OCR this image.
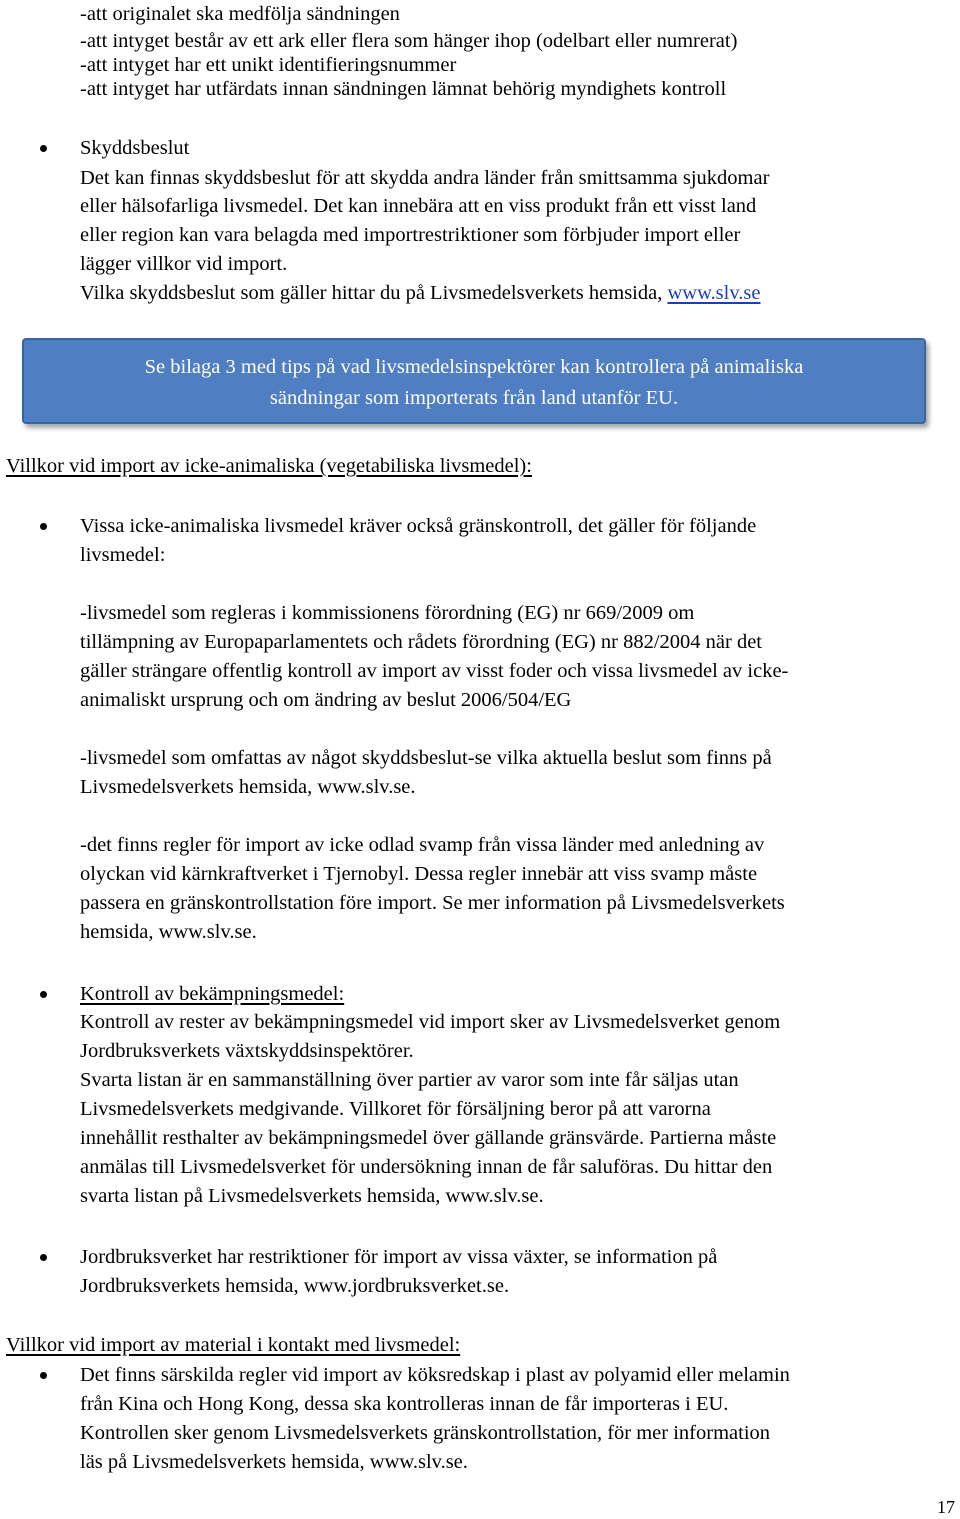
-att originalet ska medfölja sändningen
-att intyget består av ett ark eller flera som hänger ihop (odelbart eller numrerat)
-att intyget har ett unikt identifieringsnummer
-att intyget har utfärdats innan sändningen lämnat behörig myndighets kontroll
Skyddsbeslut
Det kan finnas skyddsbeslut för att skydda andra länder från smittsamma sjukdomar
eller hälsofarliga livsmedel. Det kan innebära att en viss produkt från ett visst land
eller region kan vara belagda med importrestriktioner som förbjuder import eller
lägger villkor vid import.
Vilka skyddsbeslut som gäller hittar du på Livsmedelsverkets hemsida, www.slv.se
Se bilaga 3 med tips på vad livsmedelsinspektörer kan kontrollera på animaliska
sändningar som importerats från land utanför EU.
Villkor vid import av icke-animaliska (vegetabiliska livsmedel):
Vissa icke-animaliska livsmedel kräver också gränskontroll, det gäller för följande
livsmedel:
-livsmedel som regleras i kommissionens förordning (EG) nr 669/2009 om
tillämpning av Europaparlamentets och rådets förordning (EG) nr 882/2004 när det
gäller strängare offentlig kontroll av import av visst foder och vissa livsmedel av icke-
animaliskt ursprung och om ändring av beslut 2006/504/EG
-livsmedel som omfattas av något skyddsbeslut-se vilka aktuella beslut som finns på
Livsmedelsverkets hemsida, www.slv.se.
-det finns regler för import av icke odlad svamp från vissa länder med anledning av
olyckan vid kärnkraftverket i Tjernobyl. Dessa regler innebär att viss svamp måste
passera en gränskontrollstation före import. Se mer information på Livsmedelsverkets
hemsida, www.slv.se.
Kontroll av bekämpningsmedel:
Kontroll av rester av bekämpningsmedel vid import sker av Livsmedelsverket genom
Jordbruksverkets växtskyddsinspektörer.
Svarta listan är en sammanställning över partier av varor som inte får säljas utan
Livsmedelsverkets medgivande. Villkoret för försäljning beror på att varorna
innehållit resthalter av bekämpningsmedel över gällande gränsvärde. Partierna måste
anmälas till Livsmedelsverket för undersökning innan de får saluföras. Du hittar den
svarta listan på Livsmedelsverkets hemsida, www.slv.se.
Jordbruksverket har restriktioner för import av vissa växter, se information på
Jordbruksverkets hemsida, www.jordbruksverket.se.
Villkor vid import av material i kontakt med livsmedel:
Det finns särskilda regler vid import av köksredskap i plast av polyamid eller melamin
från Kina och Hong Kong, dessa ska kontrolleras innan de får importeras i EU.
Kontrollen sker genom Livsmedelsverkets gränskontrollstation, för mer information
läs på Livsmedelsverkets hemsida, www.slv.se.
17
